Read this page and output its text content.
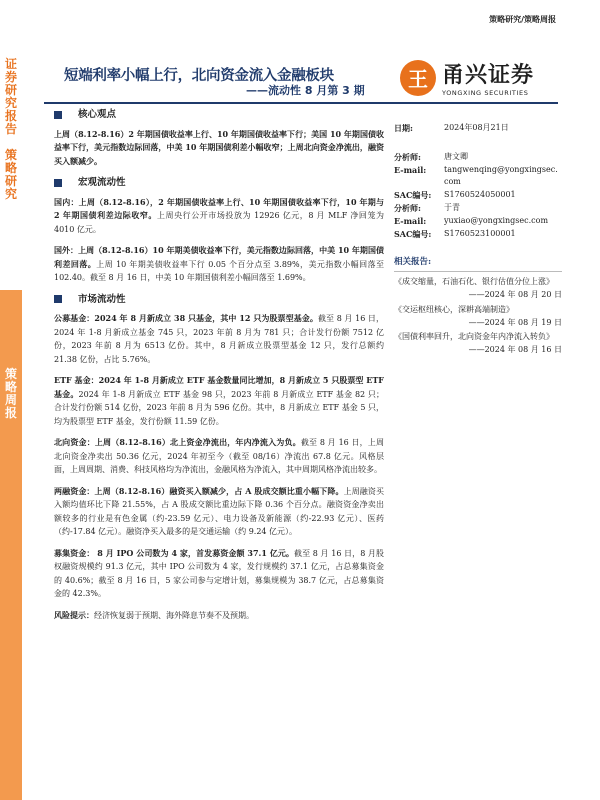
策略研究/策略周报
证
券
研
究
报
告

策
略
研
究
策
略
周
报
短端利率小幅上行，北向资金流入金融板块
——流动性 8 月第 3 期	王 甬兴证券
YONGXING SECURITIES
核心观点
上周（8.12-8.16）2 年期国债收益率上行、10 年期国债收益率下行；美国 10 年期国债收益率下行，美元指数边际回落，中美 10 年期国债利差小幅收窄；上周北向资金净流出，融资买入额减少。
宏观流动性
国内：上周（8.12-8.16），2 年期国债收益率上行、10 年期国债收益率下行，10 年期与 2 年期国债利差边际收窄。上周央行公开市场投放为 12926 亿元，8 月 MLF 净回笼为 4010 亿元。
国外：上周（8.12-8.16）10 年期美债收益率下行，美元指数边际回落，中美 10 年期国债利差回落。上周 10 年期美债收益率下行 0.05 个百分点至 3.89%，美元指数小幅回落至 102.40。截至 8 月 16 日，中美 10 年期国债利差小幅回落至 1.69%。
市场流动性
公募基金：2024 年 8 月新成立 38 只基金，其中 12 只为股票型基金。截至 8 月 16 日，2024 年 1-8 月新成立基金 745 只，2023 年前 8 月为 781 只；合计发行份额 7512 亿份，2023 年前 8 月为 6513 亿份。其中，8 月新成立股票型基金 12 只，发行总额约 21.38 亿份，占比 5.76%。
ETF 基金：2024 年 1-8 月新成立 ETF 基金数量同比增加，8 月新成立 5 只股票型 ETF 基金。2024 年 1-8 月新成立 ETF 基金 98 只，2023 年前 8 月新成立 ETF 基金 82 只；合计发行份额 514 亿份，2023 年前 8 月为 596 亿份。其中，8 月新成立 ETF 基金 5 只，均为股票型 ETF 基金，发行份额 11.59 亿份。
北向资金：上周（8.12-8.16）北上资金净流出，年内净流入为负。截至 8 月 16 日，上周北向资金净卖出 50.36 亿元，2024 年初至今（截至 08/16）净流出 67.8 亿元。风格层面，上周周期、消费、科技风格均为净流出，金融风格为净流入，其中周期风格净流出较多。
两融资金：上周（8.12-8.16）融资买入额减少，占 A 股成交额比重小幅下降。上周融资买入额均值环比下降 21.55%，占 A 股成交额比重边际下降 0.36 个百分点。融资资金净卖出额较多的行业是有色金属（约-23.59 亿元）、电力设备及新能源（约-22.93 亿元）、医药（约-17.84 亿元）。融资净买入最多的是交通运输（约 9.24 亿元）。
募集资金： 8 月 IPO 公司数为 4 家，首发募资金额 37.1 亿元。截至 8 月 16 日，8 月股权融资规模约 91.3 亿元，其中 IPO 公司数为 4 家，发行规模约 37.1 亿元，占总募集资金的 40.6%；截至 8 月 16 日，5 家公司参与定增计划，募集规模为 38.7 亿元，占总募集资金的 42.3%。
风险提示：经济恢复弱于预期、海外降息节奏不及预期。
日期:	2024年08月21日
分析师:	唐文卿
E-mail:	tangwenqing@yongxingsec.com
SAC编号:	S1760524050001
分析师:	于青
E-mail:	yuxiao@yongxingsec.com
SAC编号:	S1760523100001
相关报告:
《成交缩量，石油石化、银行估值分位上涨》
——2024 年 08 月 20 日
《交运枢纽核心，深耕高端制造》
——2024 年 08 月 19 日
《国债利率回升，北向资金年内净流入转负》
——2024 年 08 月 16 日
